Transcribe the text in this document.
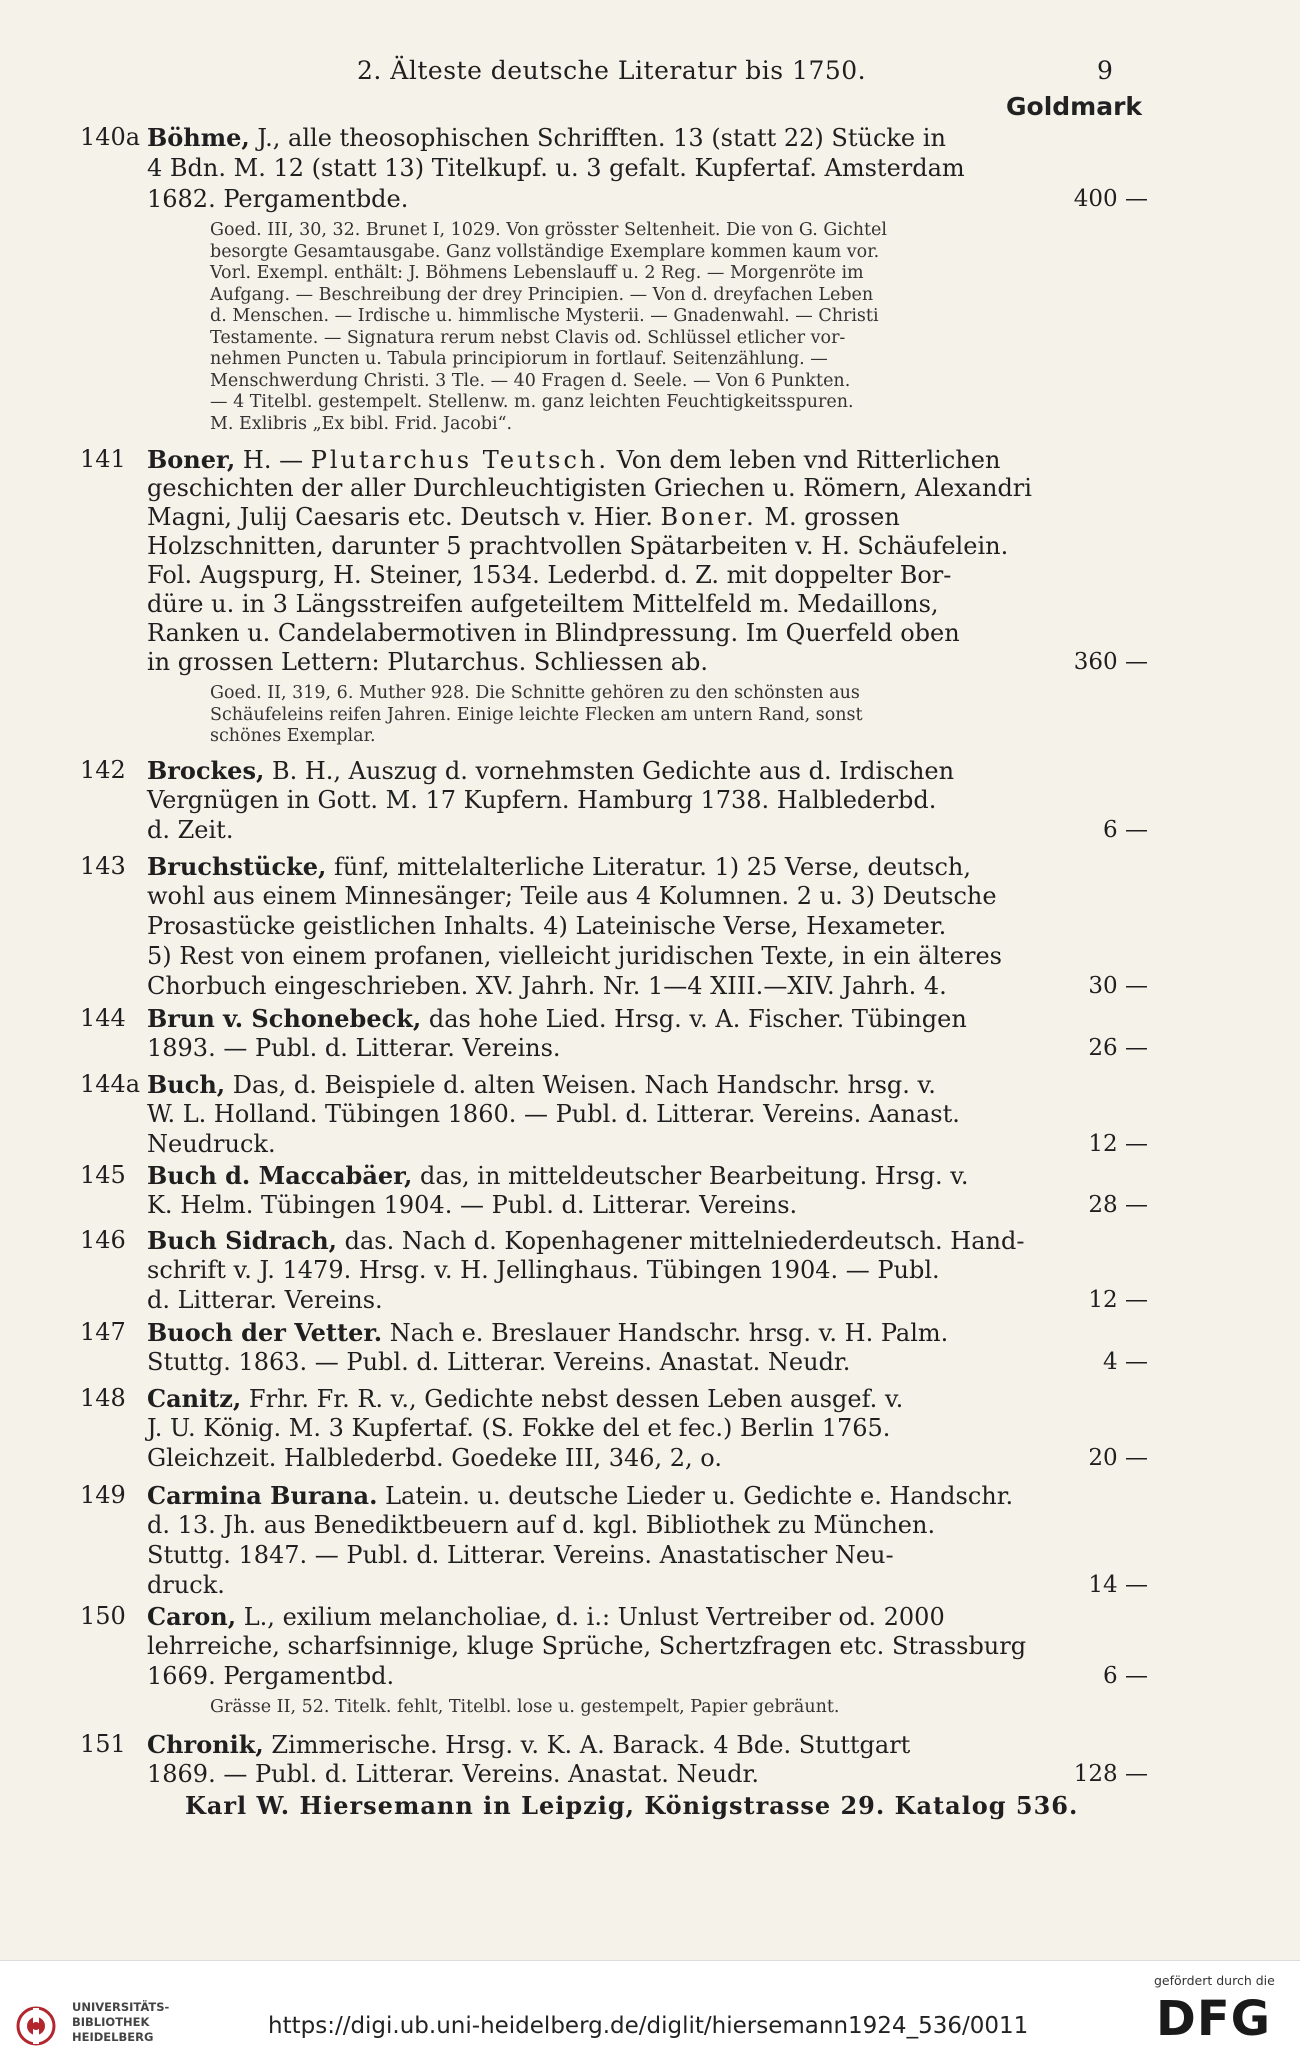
2. Älteste deutsche Literatur bis 1750.	9
Goldmark
140a Böhme, J., alle theosophischen Schrifften. 13 (statt 22) Stücke in
4 Bdn. M. 12 (statt 13) Titelkupf. u. 3 gefalt. Kupfertaf. Amsterdam
1682. Pergamentbde.	400 —
Goed. III, 30, 32. Brunet I, 1029. Von grösster Seltenheit. Die von G. Gichtel
besorgte Gesamtausgabe. Ganz vollständige Exemplare kommen kaum vor.
Vorl. Exempl. enthält: J. Böhmens Lebenslauff u. 2 Reg. — Morgenröte im
Aufgang. — Beschreibung der drey Principien. — Von d. dreyfachen Leben
d. Menschen. — Irdische u. himmlische Mysterii. — Gnadenwahl. — Christi
Testamente. — Signatura rerum nebst Clavis od. Schlüssel etlicher vor-
nehmen Puncten u. Tabula principiorum in fortlauf. Seitenzählung. —
Menschwerdung Christi. 3 Tle. — 40 Fragen d. Seele. — Von 6 Punkten.
— 4 Titelbl. gestempelt. Stellenw. m. ganz leichten Feuchtigkeitsspuren.
M. Exlibris „Ex bibl. Frid. Jacobi“.
141 Boner, H. — Plutarchus Teutsch. Von dem leben vnd Ritterlichen
geschichten der aller Durchleuchtigisten Griechen u. Römern, Alexandri
Magni, Julij Caesaris etc. Deutsch v. Hier. Boner. M. grossen
Holzschnitten, darunter 5 prachtvollen Spätarbeiten v. H. Schäufelein.
Fol. Augspurg, H. Steiner, 1534. Lederbd. d. Z. mit doppelter Bor-
düre u. in 3 Längsstreifen aufgeteiltem Mittelfeld m. Medaillons,
Ranken u. Candelabermotiven in Blindpressung. Im Querfeld oben
in grossen Lettern: Plutarchus. Schliessen ab.	360 —
Goed. II, 319, 6. Muther 928. Die Schnitte gehören zu den schönsten aus
Schäufeleins reifen Jahren. Einige leichte Flecken am untern Rand, sonst
schönes Exemplar.
142 Brockes, B. H., Auszug d. vornehmsten Gedichte aus d. Irdischen
Vergnügen in Gott. M. 17 Kupfern. Hamburg 1738. Halblederbd.
d. Zeit.	6 —
143 Bruchstücke, fünf, mittelalterliche Literatur. 1) 25 Verse, deutsch,
wohl aus einem Minnesänger; Teile aus 4 Kolumnen. 2 u. 3) Deutsche
Prosastücke geistlichen Inhalts. 4) Lateinische Verse, Hexameter.
5) Rest von einem profanen, vielleicht juridischen Texte, in ein älteres
Chorbuch eingeschrieben. XV. Jahrh. Nr. 1—4 XIII.—XIV. Jahrh. 4.	30 —
144 Brun v. Schonebeck, das hohe Lied. Hrsg. v. A. Fischer. Tübingen
1893. — Publ. d. Litterar. Vereins.	26 —
144a Buch, Das, d. Beispiele d. alten Weisen. Nach Handschr. hrsg. v.
W. L. Holland. Tübingen 1860. — Publ. d. Litterar. Vereins. Aanast.
Neudruck.	12 —
145 Buch d. Maccabäer, das, in mitteldeutscher Bearbeitung. Hrsg. v.
K. Helm. Tübingen 1904. — Publ. d. Litterar. Vereins.	28 —
146 Buch Sidrach, das. Nach d. Kopenhagener mittelniederdeutsch. Hand-
schrift v. J. 1479. Hrsg. v. H. Jellinghaus. Tübingen 1904. — Publ.
d. Litterar. Vereins.	12 —
147 Buoch der Vetter. Nach e. Breslauer Handschr. hrsg. v. H. Palm.
Stuttg. 1863. — Publ. d. Litterar. Vereins. Anastat. Neudr.	4 —
148 Canitz, Frhr. Fr. R. v., Gedichte nebst dessen Leben ausgef. v.
J. U. König. M. 3 Kupfertaf. (S. Fokke del et fec.) Berlin 1765.
Gleichzeit. Halblederbd. Goedeke III, 346, 2, o.	20 —
149 Carmina Burana. Latein. u. deutsche Lieder u. Gedichte e. Handschr.
d. 13. Jh. aus Benediktbeuern auf d. kgl. Bibliothek zu München.
Stuttg. 1847. — Publ. d. Litterar. Vereins. Anastatischer Neu-
druck.	14 —
150 Caron, L., exilium melancholiae, d. i.: Unlust Vertreiber od. 2000
lehrreiche, scharfsinnige, kluge Sprüche, Schertzfragen etc. Strassburg
1669. Pergamentbd.	6 —
Grässe II, 52. Titelk. fehlt, Titelbl. lose u. gestempelt, Papier gebräunt.
151 Chronik, Zimmerische. Hrsg. v. K. A. Barack. 4 Bde. Stuttgart
1869. — Publ. d. Litterar. Vereins. Anastat. Neudr.	128 —
Karl W. Hiersemann in Leipzig, Königstrasse 29. Katalog 536.
UNIVERSITÄTS-
BIBLIOTHEK
HEIDELBERG	https://digi.ub.uni-heidelberg.de/diglit/hiersemann1924_536/0011
gefördert durch die
DFG
